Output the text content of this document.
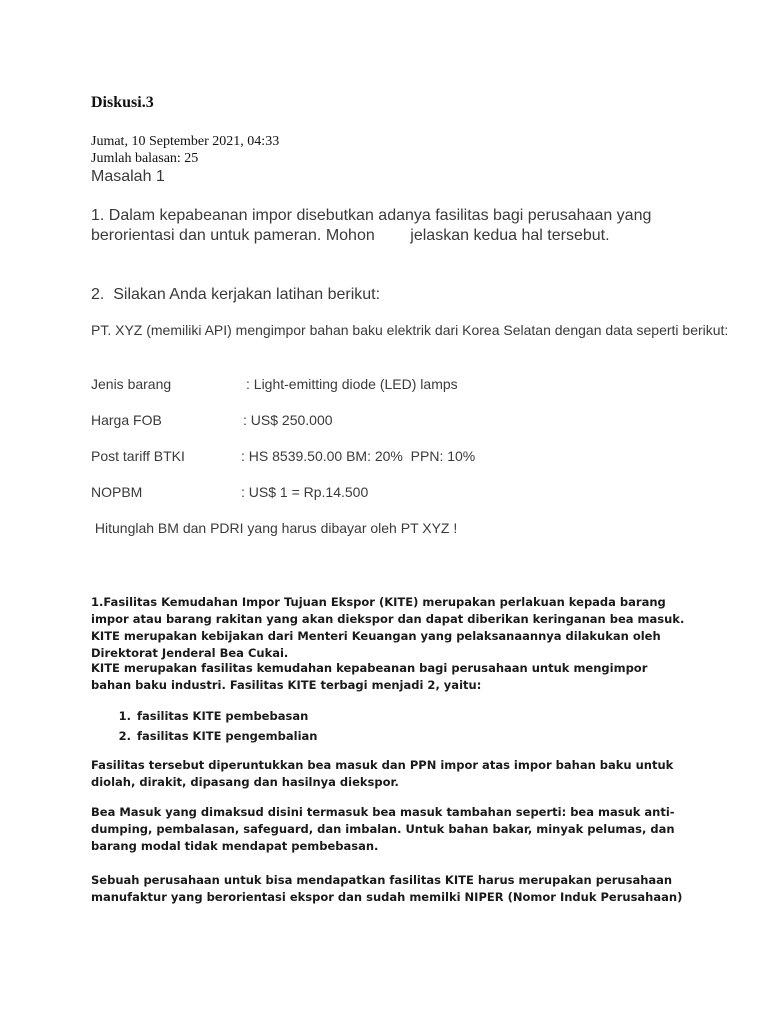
Diskusi.3
Jumat, 10 September 2021, 04:33
Jumlah balasan: 25
Masalah 1
1. Dalam kepabeanan impor disebutkan adanya fasilitas bagi perusahaan yang berorientasi dan untuk pameran. Mohon        jelaskan kedua hal tersebut.
2.  Silakan Anda kerjakan latihan berikut:
PT. XYZ (memiliki API) mengimpor bahan baku elektrik dari Korea Selatan dengan data seperti berikut:
Jenis barang	: Light-emitting diode (LED) lamps
Harga FOB	: US$ 250.000
Post tariff BTKI	: HS 8539.50.00 BM: 20%  PPN: 10%
NOPBM	: US$ 1 = Rp.14.500
Hitunglah BM dan PDRI yang harus dibayar oleh PT XYZ !
1.Fasilitas Kemudahan Impor Tujuan Ekspor (KITE) merupakan perlakuan kepada barang impor atau barang rakitan yang akan diekspor dan dapat diberikan keringanan bea masuk. KITE merupakan kebijakan dari Menteri Keuangan yang pelaksanaannya dilakukan oleh Direktorat Jenderal Bea Cukai.
KITE merupakan fasilitas kemudahan kepabeanan bagi perusahaan untuk mengimpor bahan baku industri. Fasilitas KITE terbagi menjadi 2, yaitu:
1. fasilitas KITE pembebasan
2. fasilitas KITE pengembalian
Fasilitas tersebut diperuntukkan bea masuk dan PPN impor atas impor bahan baku untuk diolah, dirakit, dipasang dan hasilnya diekspor.
Bea Masuk yang dimaksud disini termasuk bea masuk tambahan seperti: bea masuk anti-dumping, pembalasan, safeguard, dan imbalan. Untuk bahan bakar, minyak pelumas, dan barang modal tidak mendapat pembebasan.
Sebuah perusahaan untuk bisa mendapatkan fasilitas KITE harus merupakan perusahaan manufaktur yang berorientasi ekspor dan sudah memilki NIPER (Nomor Induk Perusahaan)
